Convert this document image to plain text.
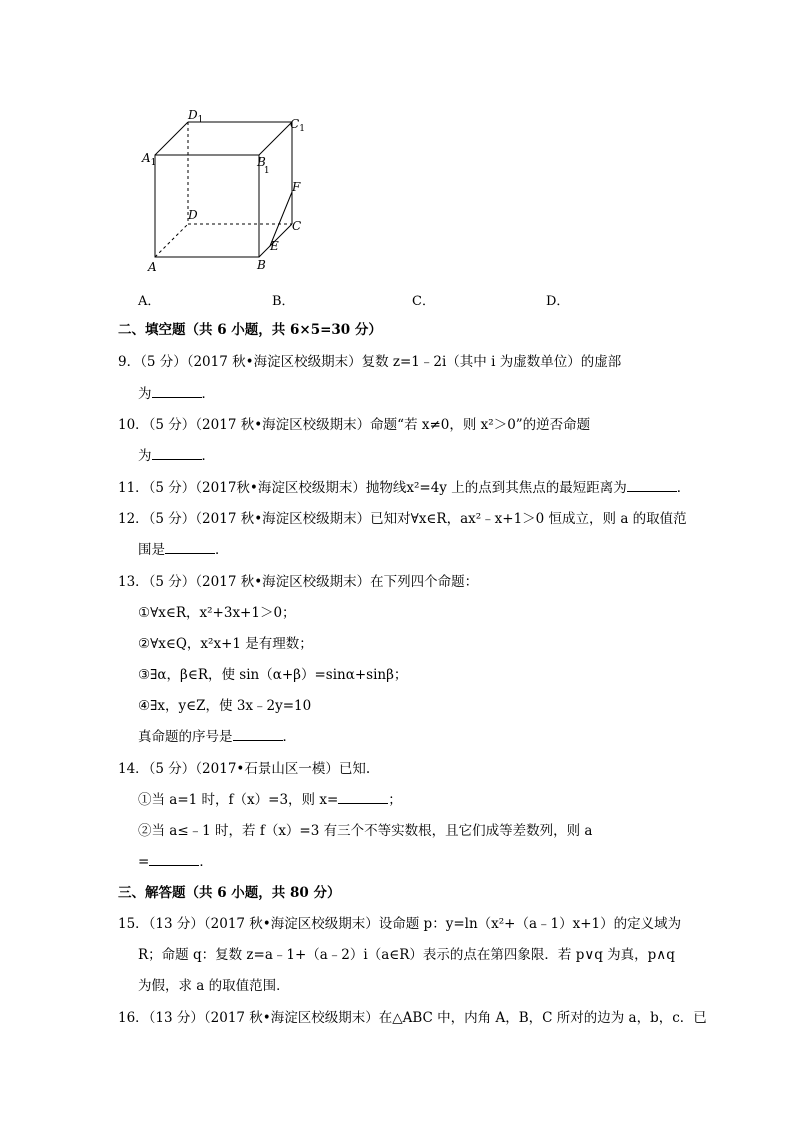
$D_1$	$C_1$
$A_1$	B 1
F
D
C
E
A	B
A．	B．	C．	D．
二、填空题（共 6 小题，共 6×5=30 分）
9．（5 分）（2017 秋•海淀区校级期末）复数 z=1﹣2i（其中 i 为虚数单位）的虚部
为	．
10．（5 分）（2017 秋•海淀区校级期末）命题“若 x≠0，则 x²＞0”的逆否命题
为	．
11．（5 分）（2017秋•海淀区校级期末）抛物线x²=4y 上的点到其焦点的最短距离为	．
12．（5 分）（2017 秋•海淀区校级期末）已知对∀x∈R，ax²﹣x+1＞0 恒成立，则 a 的取值范
围是	．
13．（5 分）（2017 秋•海淀区校级期末）在下列四个命题：
①∀x∈R，x²+3x+1＞0；
②∀x∈Q，x²x+1 是有理数；
③∃α，β∈R，使 sin（α+β）=sinα+sinβ；
④∃x，y∈Z，使 3x﹣2y=10
真命题的序号是	．
14．（5 分）（2017•石景山区一模）已知.
①当 a=1 时，f（x）=3，则 x=	；
②当 a≤﹣1 时，若 f（x）=3 有三个不等实数根，且它们成等差数列，则 a
=	．
三、解答题（共 6 小题，共 80 分）
15．（13 分）（2017 秋•海淀区校级期末）设命题 p：y=ln（x²+（a﹣1）x+1）的定义域为
R；命题 q：复数 z=a﹣1+（a﹣2）i（a∈R）表示的点在第四象限．若 p∨q 为真，p∧q
为假，求 a 的取值范围．
16．（13 分）（2017 秋•海淀区校级期末）在△ABC 中，内角 A，B，C 所对的边为 a，b，c．已
